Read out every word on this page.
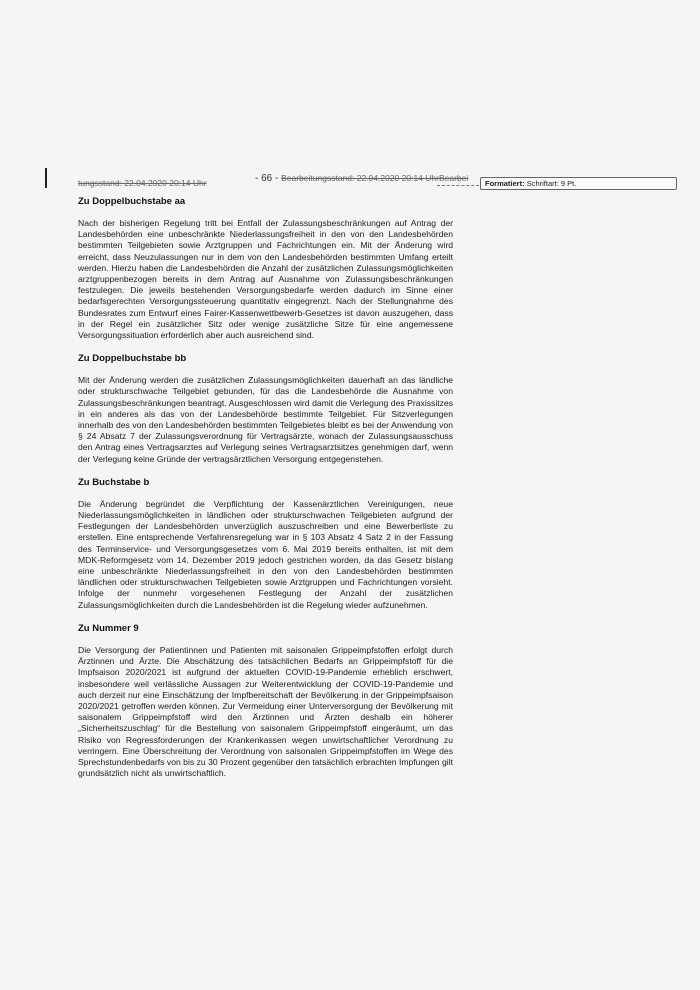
tungsstand: 22.04.2020 20:14 Uhr	- 66 - Bearbeitungsstand: 22.04.2020 20:14 UhrBearbei
Formatiert: Schriftart: 9 Pt.
Zu Doppelbuchstabe aa

Nach der bisherigen Regelung tritt bei Entfall der Zulassungsbeschränkungen auf Antrag der Landesbehörden eine unbeschränkte Niederlassungsfreiheit in den von den Landesbehörden bestimmten Teilgebieten sowie Arztgruppen und Fachrichtungen ein. Mit der Änderung wird erreicht, dass Neuzulassungen nur in dem von den Landesbehörden bestimmten Umfang erteilt werden. Hierzu haben die Landesbehörden die Anzahl der zusätzlichen Zulassungsmöglichkeiten arztgruppenbezogen bereits in dem Antrag auf Ausnahme von Zulassungsbeschränkungen festzulegen. Die jeweils bestehenden Versorgungsbedarfe werden dadurch im Sinne einer bedarfsgerechten Versorgungssteuerung quantitativ eingegrenzt. Nach der Stellungnahme des Bundesrates zum Entwurf eines Fairer-Kassenwettbewerb-Gesetzes ist davon auszugehen, dass in der Regel ein zusätzlicher Sitz oder wenige zusätzliche Sitze für eine angemessene Versorgungssituation erforderlich aber auch ausreichend sind.

Zu Doppelbuchstabe bb

Mit der Änderung werden die zusätzlichen Zulassungsmöglichkeiten dauerhaft an das ländliche oder strukturschwache Teilgebiet gebunden, für das die Landesbehörde die Ausnahme von Zulassungsbeschränkungen beantragt. Ausgeschlossen wird damit die Verlegung des Praxissitzes in ein anderes als das von der Landesbehörde bestimmte Teilgebiet. Für Sitzverlegungen innerhalb des von den Landesbehörden bestimmten Teilgebietes bleibt es bei der Anwendung von § 24 Absatz 7 der Zulassungsverordnung für Vertragsärzte, wonach der Zulassungsausschuss den Antrag eines Vertragsarztes auf Verlegung seines Vertragsarztsitzes genehmigen darf, wenn der Verlegung keine Gründe der vertragsärztlichen Versorgung entgegenstehen.

Zu Buchstabe b

Die Änderung begründet die Verpflichtung der Kassenärztlichen Vereinigungen, neue Niederlassungsmöglichkeiten in ländlichen oder strukturschwachen Teilgebieten aufgrund der Festlegungen der Landesbehörden unverzüglich auszuschreiben und eine Bewerberliste zu erstellen. Eine entsprechende Verfahrensregelung war in § 103 Absatz 4 Satz 2 in der Fassung des Terminservice- und Versorgungsgesetzes vom 6. Mai 2019 bereits enthalten, ist mit dem MDK-Reformgesetz vom 14. Dezember 2019 jedoch gestrichen worden, da das Gesetz bislang eine unbeschränkte Niederlassungsfreiheit in den von den Landesbehörden bestimmten ländlichen oder strukturschwachen Teilgebieten sowie Arztgruppen und Fachrichtungen vorsieht. Infolge der nunmehr vorgesehenen Festlegung der Anzahl der zusätzlichen Zulassungsmöglichkeiten durch die Landesbehörden ist die Regelung wieder aufzunehmen.

Zu Nummer 9

Die Versorgung der Patientinnen und Patienten mit saisonalen Grippeimpfstoffen erfolgt durch Ärztinnen und Ärzte. Die Abschätzung des tatsächlichen Bedarfs an Grippeimpfstoff für die Impfsaison 2020/2021 ist aufgrund der aktuellen COVID-19-Pandemie erheblich erschwert, insbesondere weil verlässliche Aussagen zur Weiterentwicklung der COVID-19-Pandemie und auch derzeit nur eine Einschätzung der Impfbereitschaft der Bevölkerung in der Grippeimpfsaison 2020/2021 getroffen werden können. Zur Vermeidung einer Unterversorgung der Bevölkerung mit saisonalem Grippeimpfstoff wird den Ärztinnen und Ärzten deshalb ein höherer „Sicherheitszuschlag“ für die Bestellung von saisonalem Grippeimpfstoff eingeräumt, um das Risiko von Regressforderungen der Krankenkassen wegen unwirtschaftlicher Verordnung zu verringern. Eine Überschreitung der Verordnung von saisonalen Grippeimpfstoffen im Wege des Sprechstundenbedarfs von bis zu 30 Prozent gegenüber den tatsächlich erbrachten Impfungen gilt grundsätzlich nicht als unwirtschaftlich.
